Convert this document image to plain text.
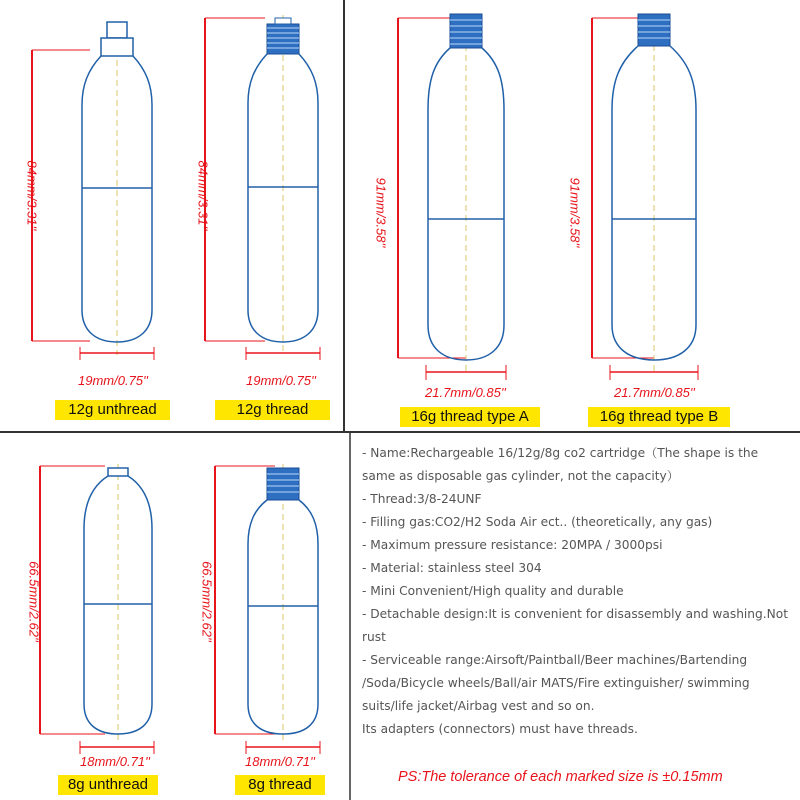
84mm/3.31''
19mm/0.75''
12g unthread
84mm/3.31''
19mm/0.75''
12g thread
91mm/3.58''
21.7mm/0.85''
16g thread type A
91mm/3.58''
21.7mm/0.85''
16g thread type B
66.5mm/2.62''
18mm/0.71''
8g unthread
66.5mm/2.62''
18mm/0.71''
8g thread

- Name:Rechargeable 16/12g/8g co2 cartridge（The shape is the same as disposable gas cylinder, not the capacity）

- Thread:3/8-24UNF

- Filling gas:CO2/H2 Soda Air ect.. (theoretically, any gas)

- Maximum pressure resistance: 20MPA / 3000psi

- Material: stainless steel 304

- Mini Convenient/High quality and durable

- Detachable design:It is convenient for disassembly and washing.Not rust

- Serviceable range:Airsoft/Paintball/Beer machines/Bartending /Soda/Bicycle wheels/Ball/air MATS/Fire extinguisher/ swimming suits/life jacket/Airbag vest and so on.

Its adapters (connectors) must have threads.

PS:The tolerance of each marked size is ±0.15mm
